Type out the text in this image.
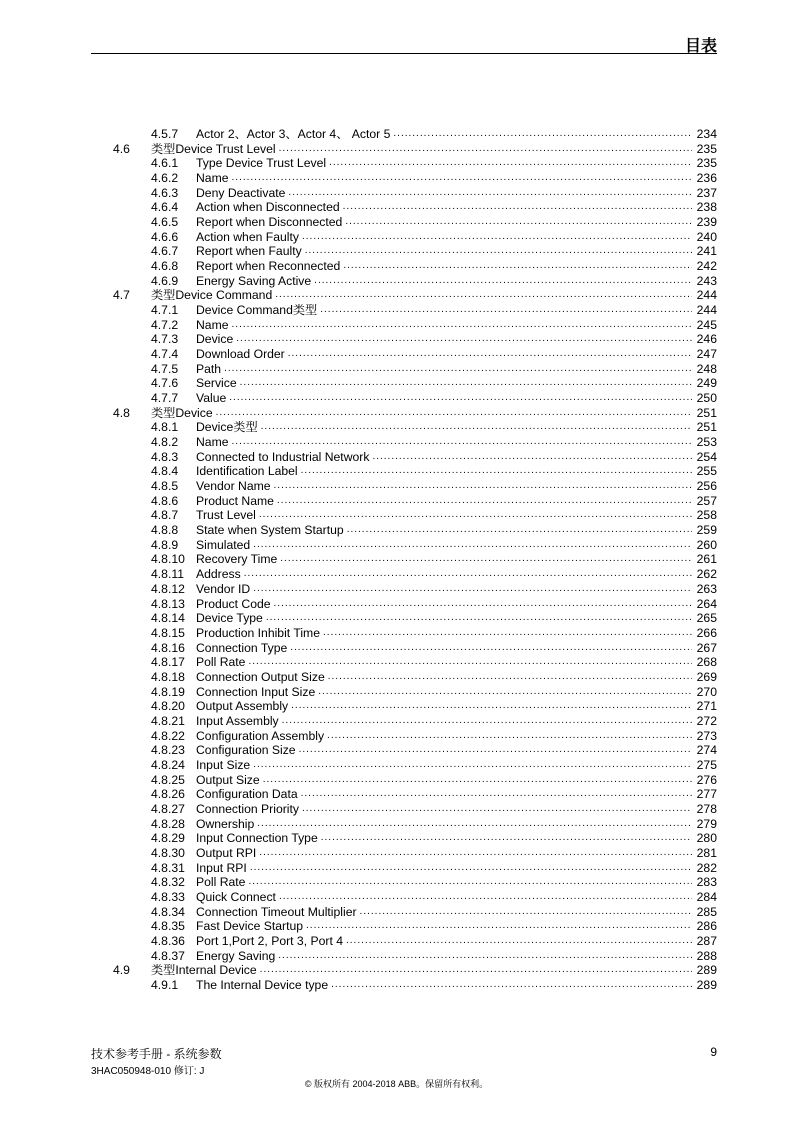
目表
4.5.7	Actor 2、Actor 3、Actor 4、 Actor 5 .....	234
4.6	类型Device Trust Level .....	235
4.6.1	Type Device Trust Level .....	235
4.6.2	Name .....	236
4.6.3	Deny Deactivate .....	237
4.6.4	Action when Disconnected .....	238
4.6.5	Report when Disconnected .....	239
4.6.6	Action when Faulty .....	240
4.6.7	Report when Faulty .....	241
4.6.8	Report when Reconnected .....	242
4.6.9	Energy Saving Active .....	243
4.7	类型Device Command .....	244
4.7.1	Device Command类型 .....	244
4.7.2	Name .....	245
4.7.3	Device .....	246
4.7.4	Download Order .....	247
4.7.5	Path .....	248
4.7.6	Service .....	249
4.7.7	Value .....	250
4.8	类型Device .....	251
4.8.1	Device类型 .....	251
4.8.2	Name .....	253
4.8.3	Connected to Industrial Network .....	254
4.8.4	Identification Label .....	255
4.8.5	Vendor Name .....	256
4.8.6	Product Name .....	257
4.8.7	Trust Level .....	258
4.8.8	State when System Startup .....	259
4.8.9	Simulated .....	260
4.8.10 Recovery Time .....	261
4.8.11 Address .....	262
4.8.12 Vendor ID .....	263
4.8.13 Product Code .....	264
4.8.14 Device Type .....	265
4.8.15 Production Inhibit Time .....	266
4.8.16 Connection Type .....	267
4.8.17 Poll Rate .....	268
4.8.18 Connection Output Size .....	269
4.8.19 Connection Input Size .....	270
4.8.20 Output Assembly .....	271
4.8.21 Input Assembly .....	272
4.8.22 Configuration Assembly .....	273
4.8.23 Configuration Size .....	274
4.8.24 Input Size .....	275
4.8.25 Output Size .....	276
4.8.26 Configuration Data .....	277
4.8.27 Connection Priority .....	278
4.8.28 Ownership .....	279
4.8.29 Input Connection Type .....	280
4.8.30 Output RPI .....	281
4.8.31 Input RPI .....	282
4.8.32 Poll Rate .....	283
4.8.33 Quick Connect .....	284
4.8.34 Connection Timeout Multiplier .....	285
4.8.35 Fast Device Startup .....	286
4.8.36 Port 1,Port 2, Port 3, Port 4 .....	287
4.8.37 Energy Saving .....	288
4.9	类型Internal Device .....	289
4.9.1	The Internal Device type .....	289
技术参考手册 - 系统参数
3HAC050948-010 修订: J
9
© 版权所有 2004-2018 ABB。保留所有权利。
